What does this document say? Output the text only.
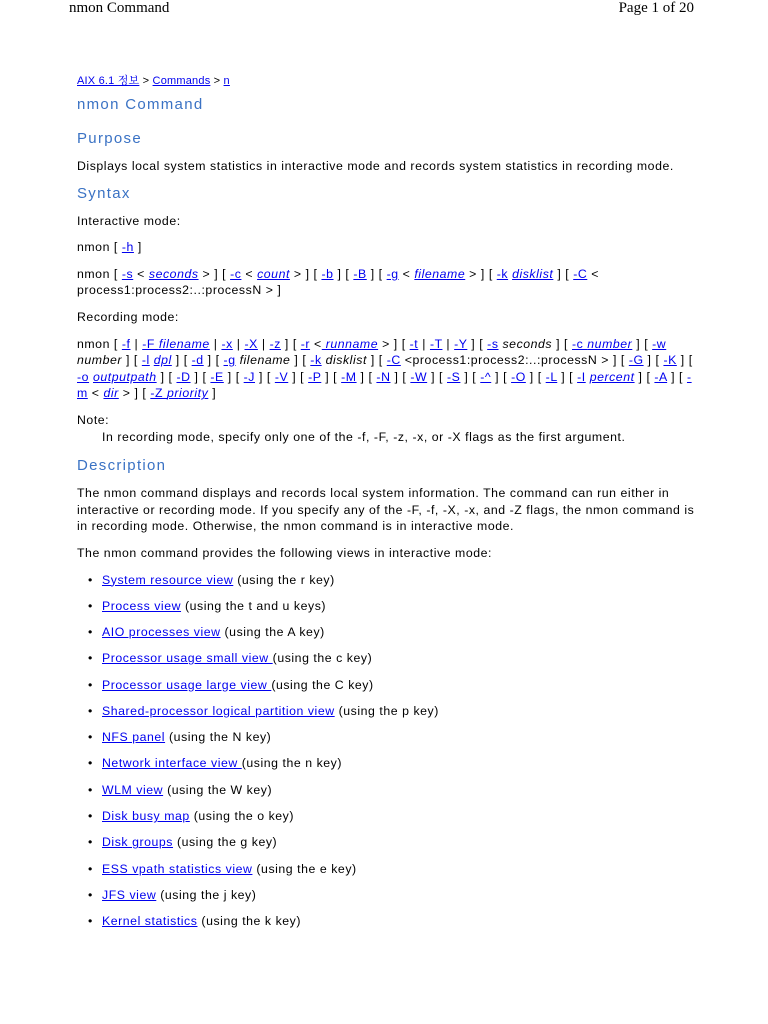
nmon Command	Page 1 of 20
AIX 6.1 정보 > Commands > n
nmon Command
Purpose

Displays local system statistics in interactive mode and records system statistics in recording mode.

Syntax

Interactive mode:

nmon [ -h ]

nmon [ -s < seconds > ] [ -c < count > ] [ -b ] [ -B ] [ -g < filename > ] [ -k disklist ] [ -C < process1:process2:..:processN > ]

Recording mode:

nmon [ -f | -F filename | -x | -X | -z ] [ -r < runname > ] [ -t | -T | -Y ] [ -s seconds ] [ -c number ] [ -w number ] [ -l dpl ] [ -d ] [ -g filename ] [ -k disklist ] [ -C <process1:process2:..:processN > ] [ -G ] [ -K ] [ -o outputpath ] [ -D ] [ -E ] [ -J ] [ -V ] [ -P ] [ -M ] [ -N ] [ -W ] [ -S ] [ -^ ] [ -O ] [ -L ] [ -I percent ] [ -A ] [ -m < dir > ] [ -Z priority ]

Note:
In recording mode, specify only one of the -f, -F, -z, -x, or -X flags as the first argument.
Description

The nmon command displays and records local system information. The command can run either in interactive or recording mode. If you specify any of the -F, -f, -X, -x, and -Z flags, the nmon command is in recording mode. Otherwise, the nmon command is in interactive mode.

The nmon command provides the following views in interactive mode:

• System resource view (using the r key)
• Process view (using the t and u keys)
• AIO processes view (using the A key)
• Processor usage small view (using the c key)
• Processor usage large view (using the C key)
• Shared-processor logical partition view (using the p key)
• NFS panel (using the N key)
• Network interface view (using the n key)
• WLM view (using the W key)
• Disk busy map (using the o key)
• Disk groups (using the g key)
• ESS vpath statistics view (using the e key)
• JFS view (using the j key)
• Kernel statistics (using the k key)
